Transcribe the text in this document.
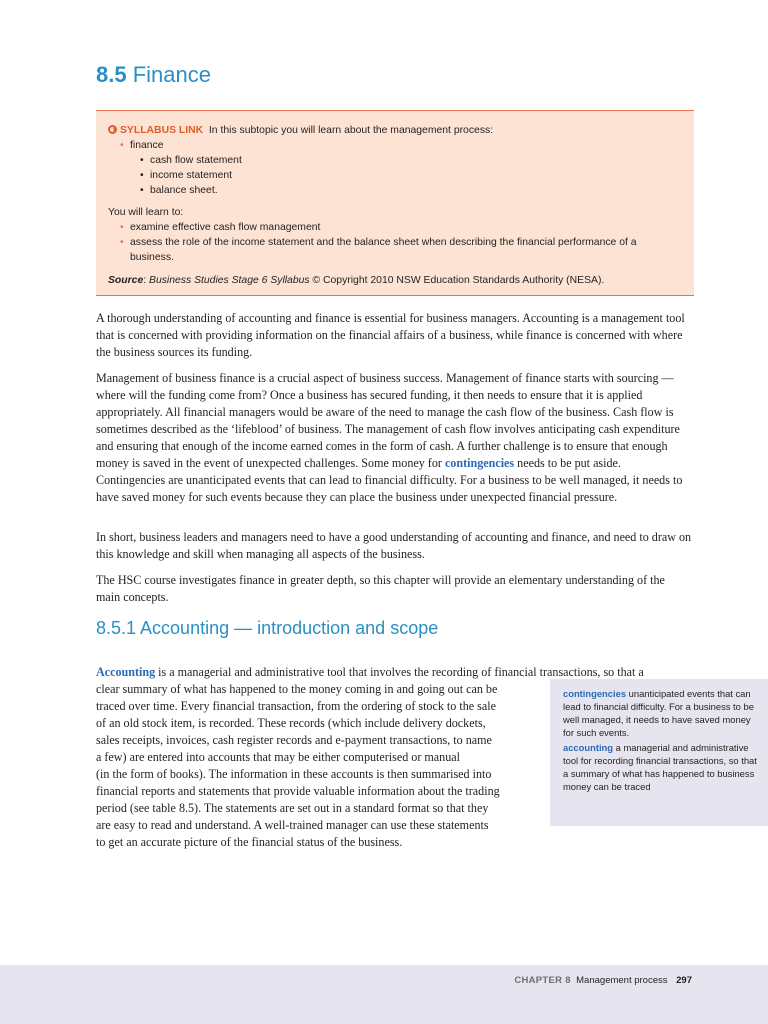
8.5 Finance
SYLLABUS LINK In this subtopic you will learn about the management process:
• finance
• cash flow statement
• income statement
• balance sheet.
You will learn to:
• examine effective cash flow management
• assess the role of the income statement and the balance sheet when describing the financial performance of a business.
Source: Business Studies Stage 6 Syllabus © Copyright 2010 NSW Education Standards Authority (NESA).

A thorough understanding of accounting and finance is essential for business managers. Accounting is a management tool that is concerned with providing information on the financial affairs of a business, while finance is concerned with where the business sources its funding.

Management of business finance is a crucial aspect of business success. Management of finance starts with sourcing — where will the funding come from? Once a business has secured funding, it then needs to ensure that it is applied appropriately. All financial managers would be aware of the need to manage the cash flow of the business. Cash flow is sometimes described as the ‘lifeblood’ of business. The management of cash flow involves anticipating cash expenditure and ensuring that enough of the income earned comes in the form of cash. A further challenge is to ensure that enough money is saved in the event of unexpected challenges. Some money for contingencies needs to be put aside. Contingencies are unanticipated events that can lead to financial difficulty. For a business to be well managed, it needs to have saved money for such events because they can place the business under unexpected financial pressure.

In short, business leaders and managers need to have a good understanding of accounting and finance, and need to draw on this knowledge and skill when managing all aspects of the business.

The HSC course investigates finance in greater depth, so this chapter will provide an elementary understanding of the main concepts.

8.5.1 Accounting — introduction and scope

Accounting is a managerial and administrative tool that involves the recording of financial transactions, so that a
clear summary of what has happened to the money coming in and going out can be
traced over time. Every financial transaction, from the ordering of stock to the sale
of an old stock item, is recorded. These records (which include delivery dockets,
sales receipts, invoices, cash register records and e-payment transactions, to name
a few) are entered into accounts that may be either computerised or manual
(in the form of books). The information in these accounts is then summarised into
financial reports and statements that provide valuable information about the trading
period (see table 8.5). The statements are set out in a standard format so that they
are easy to read and understand. A well-trained manager can use these statements
to get an accurate picture of the financial status of the business.

contingencies unanticipated events that can lead to financial difficulty. For a business to be well managed, it needs to have saved money for such events.
accounting a managerial and administrative tool for recording financial transactions, so that a summary of what has happened to business money can be traced
CHAPTER 8 Management process 297
